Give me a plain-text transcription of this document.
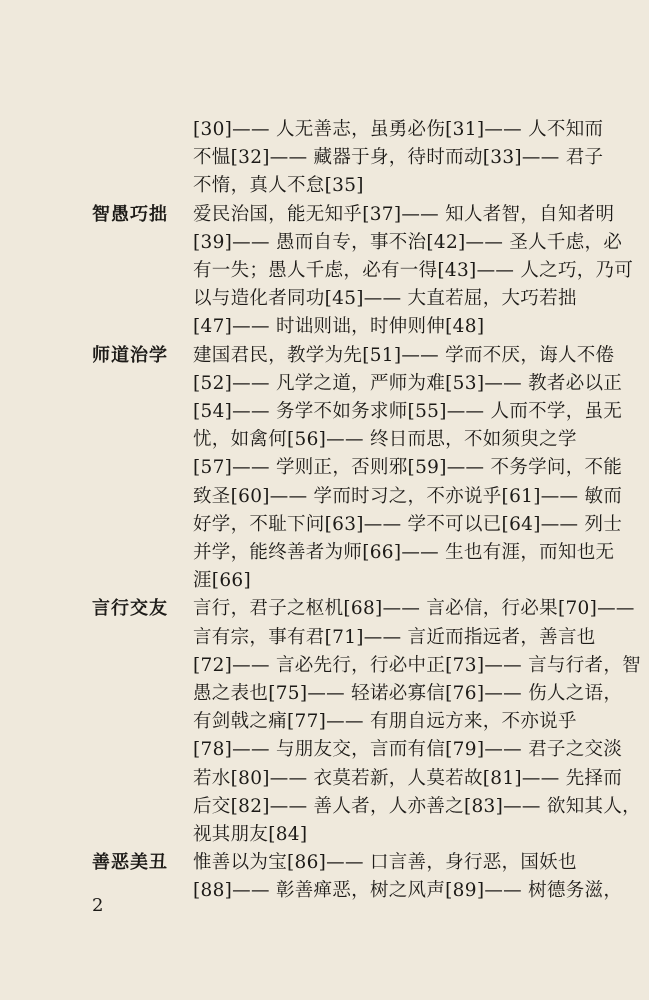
[30]—— 人无善志，虽勇必伤[31]—— 人不知而
不愠[32]—— 藏器于身，待时而动[33]—— 君子
不惰，真人不怠[35]
智愚巧拙 爱民治国，能无知乎[37]—— 知人者智，自知者明
[39]—— 愚而自专，事不治[42]—— 圣人千虑，必
有一失；愚人千虑，必有一得[43]—— 人之巧，乃可
以与造化者同功[45]—— 大直若屈，大巧若拙
[47]—— 时诎则诎，时伸则伸[48]
师道治学 建国君民，教学为先[51]—— 学而不厌，诲人不倦
[52]—— 凡学之道，严师为难[53]—— 教者必以正
[54]—— 务学不如务求师[55]—— 人而不学，虽无
忧，如禽何[56]—— 终日而思，不如须臾之学
[57]—— 学则正，否则邪[59]—— 不务学问，不能
致圣[60]—— 学而时习之，不亦说乎[61]—— 敏而
好学，不耻下问[63]—— 学不可以已[64]—— 列士
并学，能终善者为师[66]—— 生也有涯，而知也无
涯[66]
言行交友 言行，君子之枢机[68]—— 言必信，行必果[70]——
言有宗，事有君[71]—— 言近而指远者，善言也
[72]—— 言必先行，行必中正[73]—— 言与行者，智
愚之表也[75]—— 轻诺必寡信[76]—— 伤人之语，
有剑戟之痛[77]—— 有朋自远方来，不亦说乎
[78]—— 与朋友交，言而有信[79]—— 君子之交淡
若水[80]—— 衣莫若新，人莫若故[81]—— 先择而
后交[82]—— 善人者，人亦善之[83]—— 欲知其人，
视其朋友[84]
善恶美丑 惟善以为宝[86]—— 口言善，身行恶，国妖也
[88]—— 彰善瘅恶，树之风声[89]—— 树德务滋，
2
